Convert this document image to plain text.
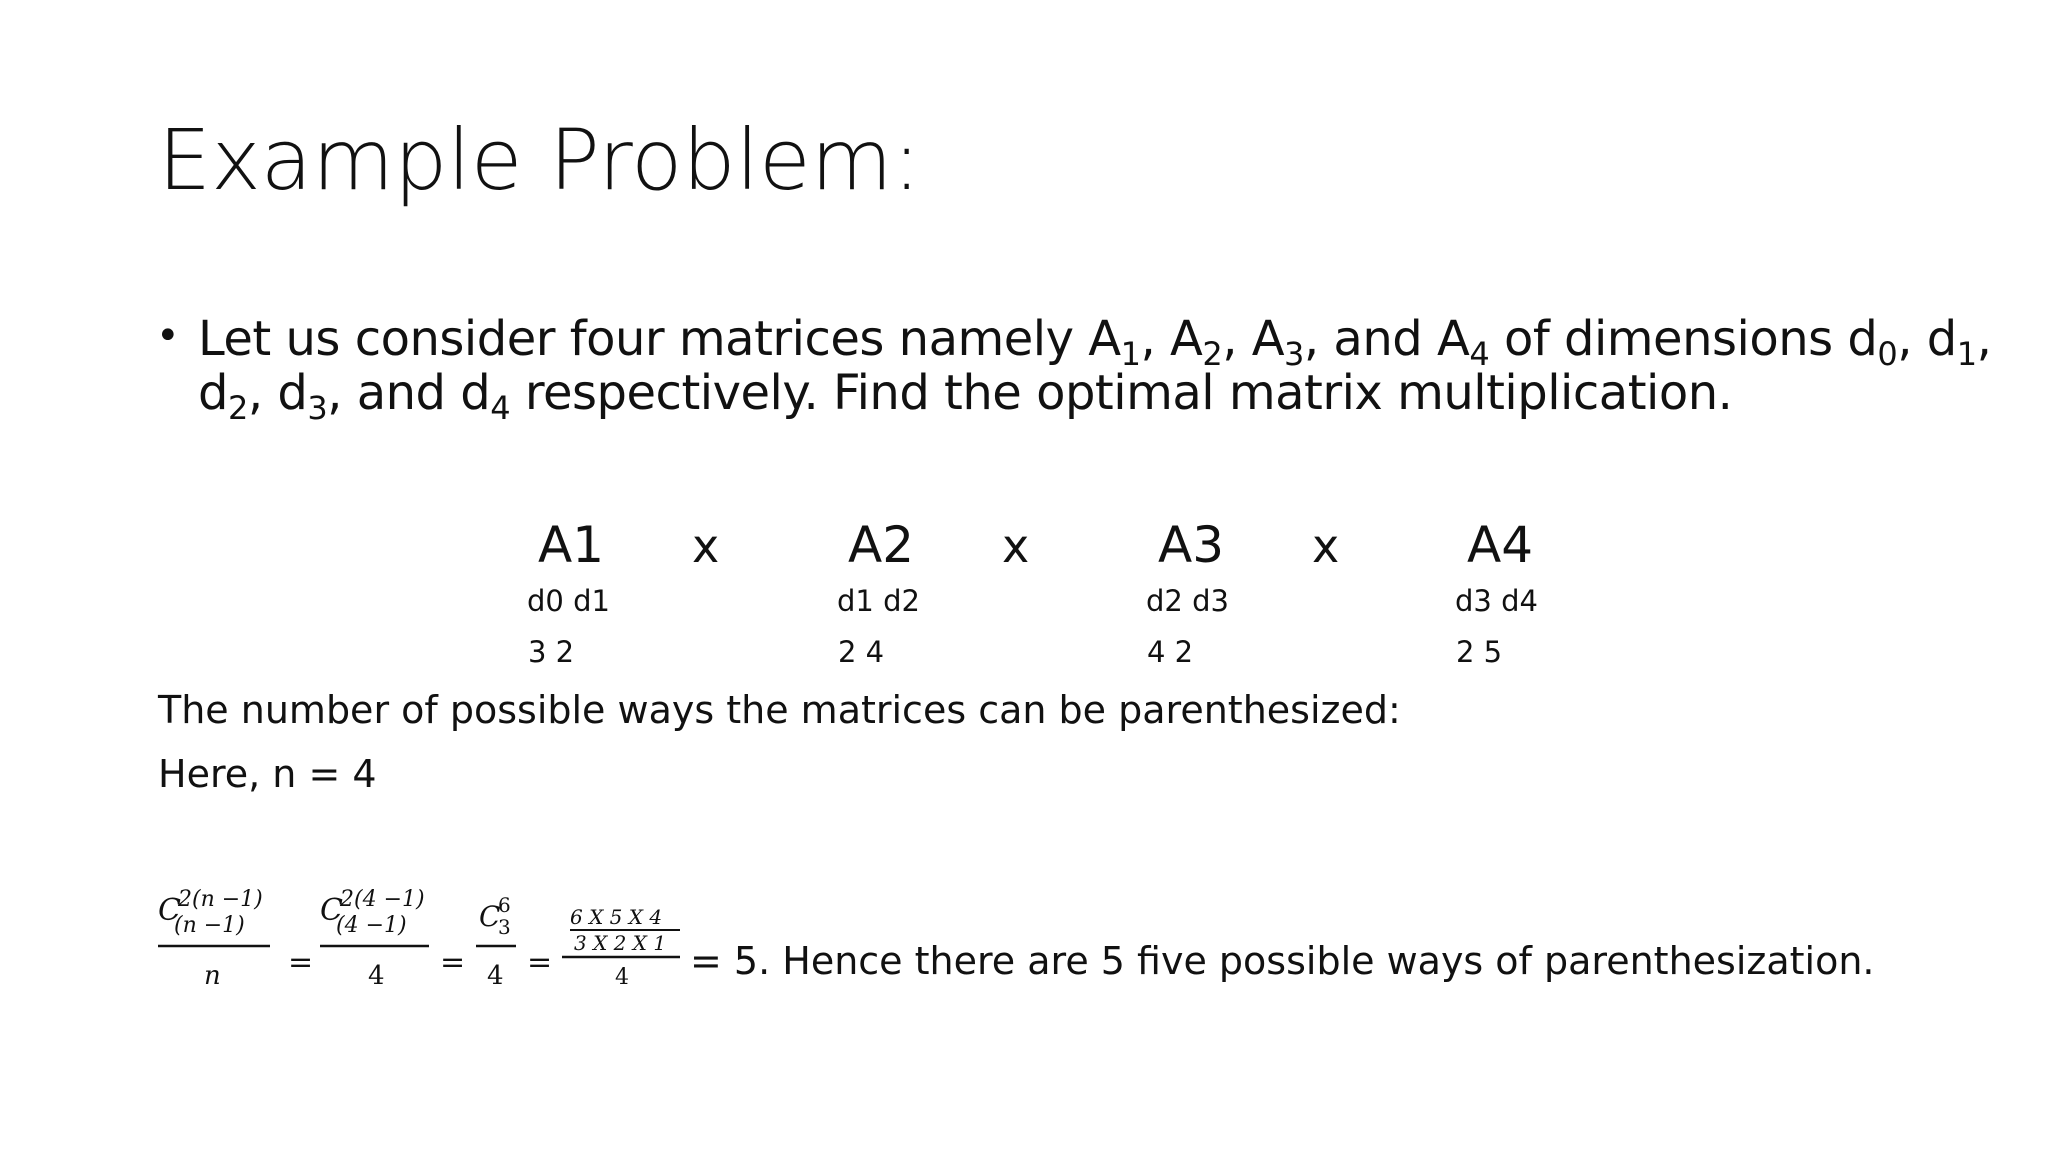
Example Problem:
• Let us consider four matrices namely $A_1$, $A_2$, $A_3$, and $A_4$ of dimensions $d_0$, $d_1$,
$d_2$, $d_3$, and $d_4$ respectively. Find the optimal matrix multiplication.
A1 x	A2 x	A3 x	A4
d0 d1	d1 d2	d2 d3	d3 d4
3 2	2 4	4 2	2 5
The number of possible ways the matrices can be parenthesized:
Here, n = 4
C
2(n −1)
(n −1)
n =
C
2(4 −1)
(4 −1)
4 =
C
6
3
4 =
6 X 5 X 4
3 X 2 X 1
4 = 5. Hence there are 5 five possible ways of parenthesization.
